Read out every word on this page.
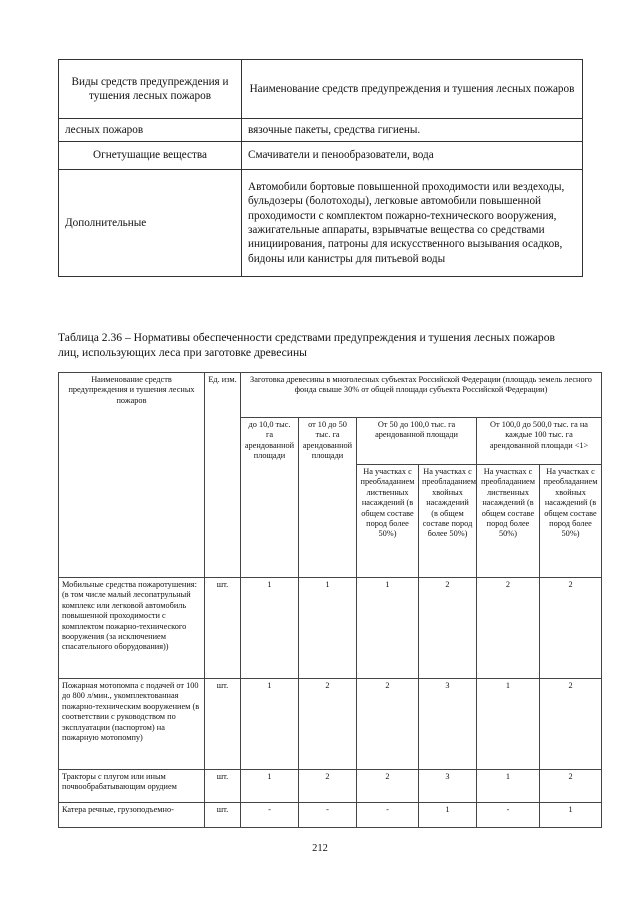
Виды средств предупреждения и тушения лесных пожаров	Наименование средств предупреждения и тушения лесных пожаров
лесных пожаров	вязочные пакеты, средства гигиены.
Огнетушащие вещества	Смачиватели и пенообразователи, вода
Дополнительные	Автомобили бортовые повышенной проходимости или вездеходы, бульдозеры (болотоходы), легковые автомобили повышенной проходимости с комплектом пожарно-технического вооружения, зажигательные аппараты, взрывчатые вещества со средствами инициирования, патроны для искусственного вызывания осадков, бидоны или канистры для питьевой воды
Таблица 2.36 – Нормативы обеспеченности средствами предупреждения и тушения лесных пожаров лиц, использующих леса при заготовке древесины
Наименование средств предупреждения и тушения лесных пожаров	Ед. изм.	Заготовка древесины в многолесных субъектах Российской Федерации (площадь земель лесного фонда свыше 30% от общей площади субъекта Российской Федерации)					
		до 10,0 тыс. га арендованной площади	от 10 до 50 тыс. га арендованной площади	От 50 до 100,0 тыс. га арендованной площади		От 100,0 до 500,0 тыс. га на каждые 100 тыс. га арендованной площади <1>	
				На участках с преобладанием лиственных насаждений (в общем составе пород более 50%)	На участках с преобладанием хвойных насаждений (в общем составе пород более 50%)	На участках с преобладанием лиственных насаждений (в общем составе пород более 50%)	На участках с преобладанием хвойных насаждений (в общем составе пород более 50%)
Мобильные средства пожаротушения: (в том числе малый лесопатрульный комплекс или легковой автомобиль повышенной проходимости с комплектом пожарно-технического вооружения (за исключением спасательного оборудования))	шт.	1	1	1	2	2	2
Пожарная мотопомпа с подачей от 100 до 800 л/мин., укомплектованная пожарно-техническим вооружением (в соответствии с руководством по эксплуатации (паспортом) на пожарную мотопомпу)	шт.	1	2	2	3	1	2
Тракторы с плугом или иным почвообрабатывающим орудием	шт.	1	2	2	3	1	2
Катера речные, грузоподъемно-	шт.	-	-	-	1	-	1
212
